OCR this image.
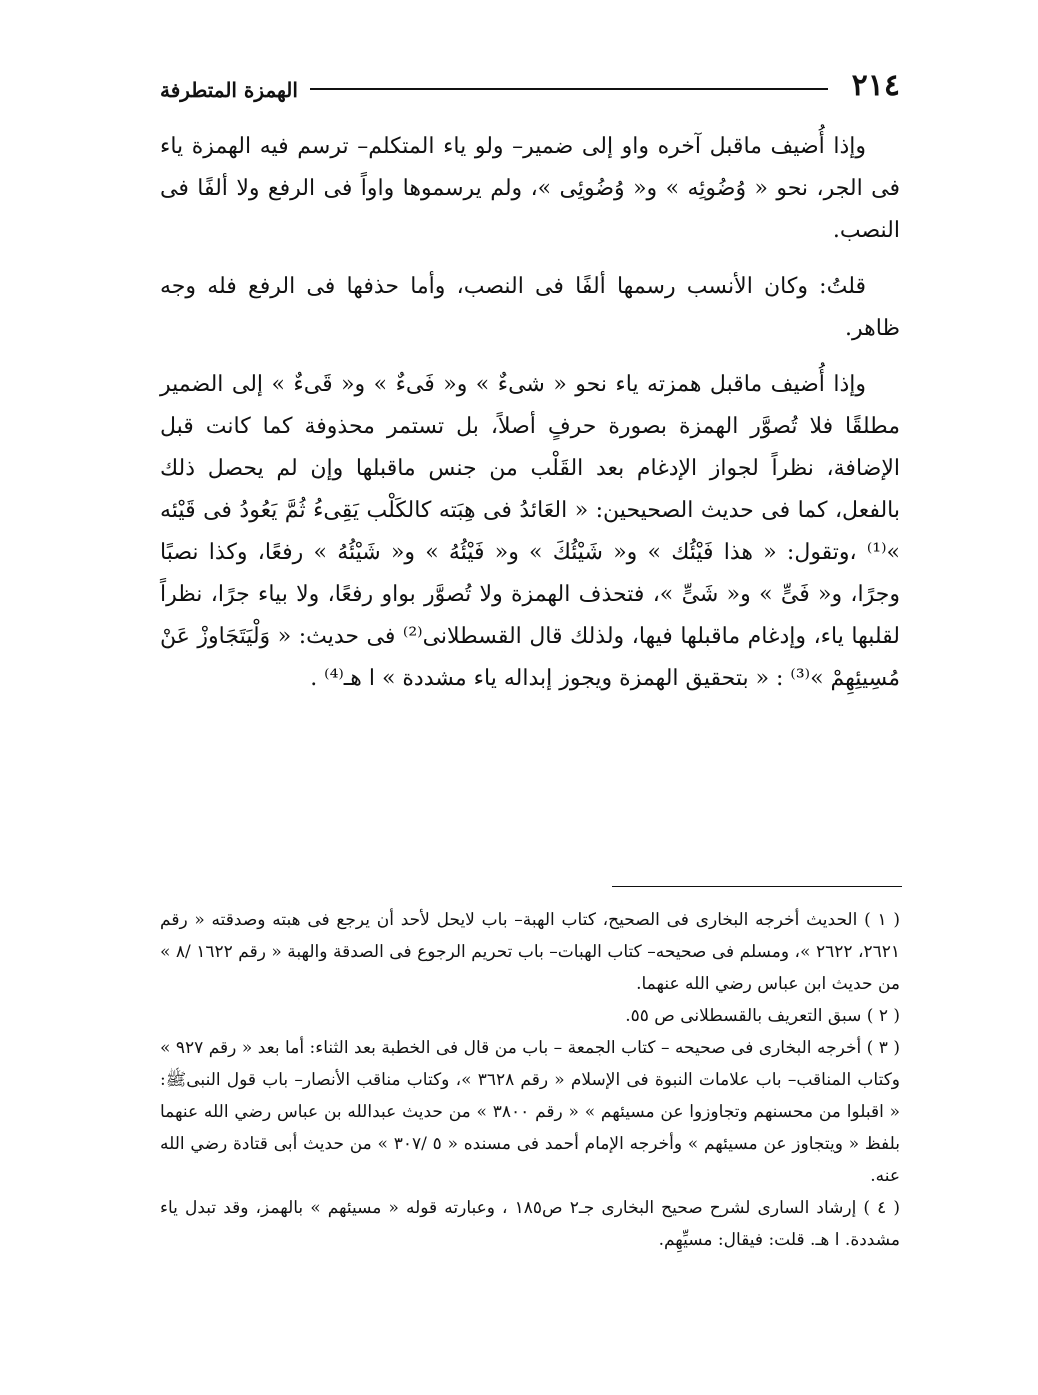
٢١٤
الهمزة المتطرفة

وإذا أُضيف ماقبل آخره واو إلى ضمير– ولو ياء المتكلم– ترسم فيه الهمزة ياء فى الجر، نحو « وُضُوئِه » و« وُضُوئِى »، ولم يرسموها واواً فى الرفع ولا ألفًا فى النصب.

قلتُ: وكان الأنسب رسمها ألفًا فى النصب، وأما حذفها فى الرفع فله وجه ظاهر.

وإذا أُضيف ماقبل همزته ياء نحو « شىءٌ » و« فَىءٌ » و« قَىءٌ » إلى الضمير مطلقًا فلا تُصوَّر الهمزة بصورة حرفٍ أصلاً، بل تستمر محذوفة كما كانت قبل الإضافة، نظراً لجواز الإدغام بعد القَلْب من جنس ماقبلها وإن لم يحصل ذلك بالفعل، كما فى حديث الصحيحين: « العَائدُ فى هِبَته كالكَلْب يَقِىءُ ثُمَّ يَعُودُ فى قَيْئه »⁽¹⁾ ،وتقول: « هذا فَيْئُك » و« شَيْئُكَ » و« فَيْئُهُ » و« شَيْئُهُ » رفعًا، وكذا نصبًا وجرًا، و« فَىٍّ » و« شَىٍّ »، فتحذف الهمزة ولا تُصوَّر بواو رفعًا، ولا بياء جرًا، نظراً لقلبها ياء، وإدغام ماقبلها فيها، ولذلك قال القسطلانى⁽²⁾ فى حديث: « وَلْيَتَجَاوزْ عَنْ مُسِيئِهِمْ »⁽³⁾ : « بتحقيق الهمزة ويجوز إبداله ياء مشددة » ا هـ⁽⁴⁾ .

( ١ ) الحديث أخرجه البخارى فى الصحيح، كتاب الهبة– باب لايحل لأحد أن يرجع فى هبته وصدقته « رقم ٢٦٢١، ٢٦٢٢ »، ومسلم فى صحيحه– كتاب الهبات– باب تحريم الرجوع فى الصدقة والهبة « رقم ١٦٢٢ /٨ » من حديث ابن عباس رضي الله عنهما.

( ٢ ) سبق التعريف بالقسطلانى ص ٥٥.

( ٣ ) أخرجه البخارى فى صحيحه – كتاب الجمعة – باب من قال فى الخطبة بعد الثناء: أما بعد « رقم ٩٢٧ » وكتاب المناقب– باب علامات النبوة فى الإسلام « رقم ٣٦٢٨ »، وكتاب مناقب الأنصار– باب قول النبىﷺ: « اقبلوا من محسنهم وتجاوزوا عن مسيئهم » « رقم ٣٨٠٠ » من حديث عبدالله بن عباس رضي الله عنهما بلفظ « ويتجاوز عن مسيئهم » وأخرجه الإمام أحمد فى مسنده « ٥ /٣٠٧ » من حديث أبى قتادة رضي الله عنه.

( ٤ ) إرشاد السارى لشرح صحيح البخارى جـ٢ ص١٨٥ ، وعبارته قوله « مسيئهم » بالهمز، وقد تبدل ياء مشددة. ا هـ. قلت: فيقال: مسيِّهِم.
